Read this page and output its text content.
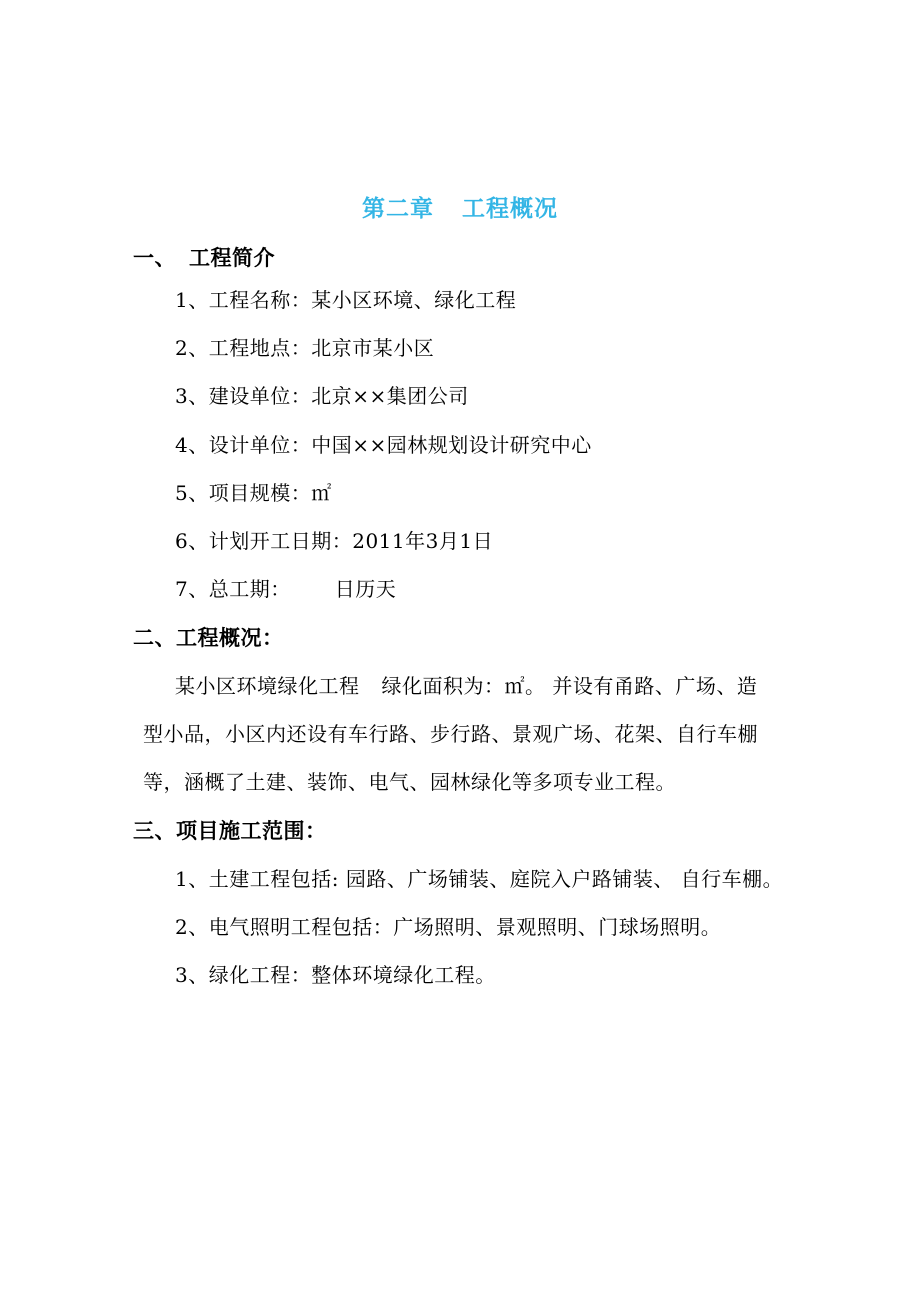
第二章 工程概况
一、 工程简介
1、工程名称：某小区环境、绿化工程
2、工程地点：北京市某小区
3、建设单位：北京××集团公司
4、设计单位：中国××园林规划设计研究中心
5、项目规模：㎡
6、计划开工日期：2011年3月1日
7、总工期： 日历天
二、工程概况：
某小区环境绿化工程 绿化面积为：㎡。 并设有甬路、广场、造
型小品，小区内还设有车行路、步行路、景观广场、花架、自行车棚
等，涵概了土建、装饰、电气、园林绿化等多项专业工程。
三、项目施工范围：
1、土建工程包括: 园路、广场铺装、庭院入户路铺装、 自行车棚。
2、电气照明工程包括：广场照明、景观照明、门球场照明。
3、绿化工程：整体环境绿化工程。
